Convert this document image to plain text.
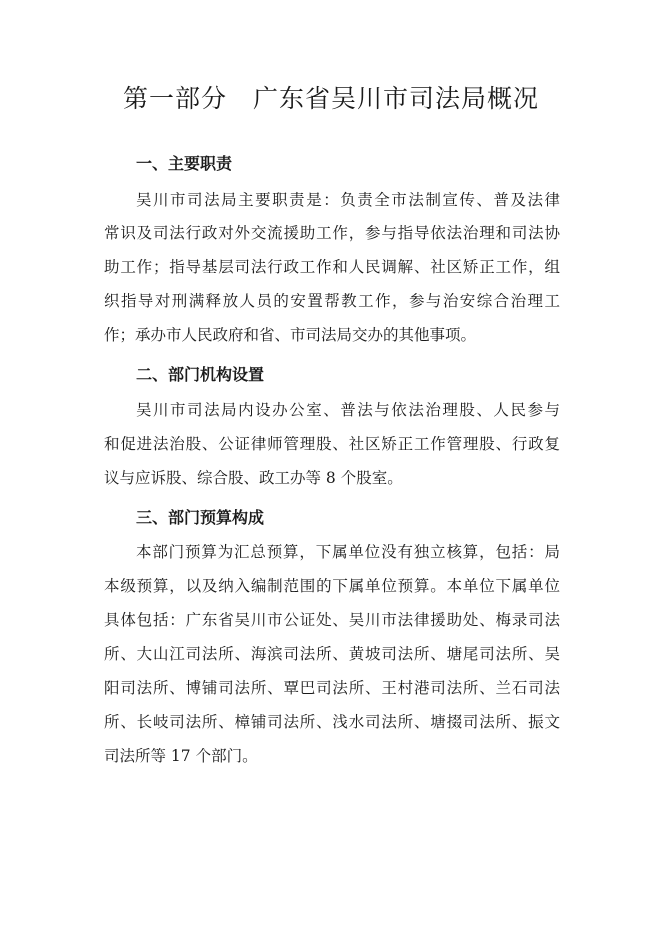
第一部分　广东省吴川市司法局概况
一、主要职责
吴川市司法局主要职责是：负责全市法制宣传、普及法律
常识及司法行政对外交流援助工作，参与指导依法治理和司法协
助工作；指导基层司法行政工作和人民调解、社区矫正工作，组
织指导对刑满释放人员的安置帮教工作，参与治安综合治理工
作；承办市人民政府和省、市司法局交办的其他事项。
二、部门机构设置
吴川市司法局内设办公室、普法与依法治理股、人民参与
和促进法治股、公证律师管理股、社区矫正工作管理股、行政复
议与应诉股、综合股、政工办等 8 个股室。
三、部门预算构成
本部门预算为汇总预算，下属单位没有独立核算，包括：局
本级预算，以及纳入编制范围的下属单位预算。本单位下属单位
具体包括：广东省吴川市公证处、吴川市法律援助处、梅录司法
所、大山江司法所、海滨司法所、黄坡司法所、塘尾司法所、吴
阳司法所、博铺司法所、覃巴司法所、王村港司法所、兰石司法
所、长岐司法所、樟铺司法所、浅水司法所、塘掇司法所、振文
司法所等 17 个部门。
